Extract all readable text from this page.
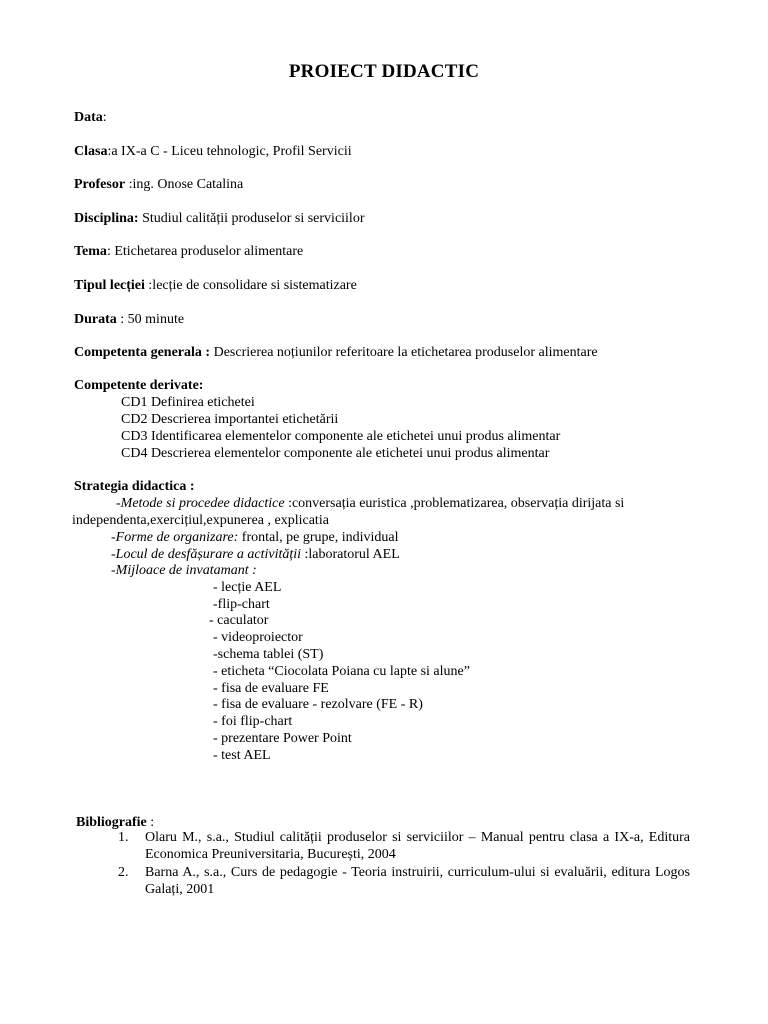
PROIECT DIDACTIC
Data:
Clasa:a IX-a C - Liceu tehnologic, Profil Servicii
Profesor :ing. Onose Catalina
Disciplina: Studiul calității produselor si serviciilor
Tema: Etichetarea produselor alimentare
Tipul lecției :lecție de consolidare si sistematizare
Durata : 50 minute
Competenta generala : Descrierea noțiunilor referitoare la etichetarea produselor alimentare
Competente derivate:
CD1 Definirea etichetei
CD2 Descrierea importantei etichetării
CD3 Identificarea elementelor componente ale etichetei unui produs alimentar
CD4 Descrierea elementelor componente ale etichetei unui produs alimentar
Strategia didactica :
-Metode si procedee didactice :conversația euristica ,problematizarea, observația dirijata si
independenta,exercițiul,expunerea , explicatia
-Forme de organizare: frontal, pe grupe, individual
-Locul de desfășurare a activității :laboratorul AEL
-Mijloace de invatamant :
- lecție AEL
-flip-chart
- caculator
- videoproiector
-schema tablei (ST)
- eticheta “Ciocolata Poiana cu lapte si alune”
- fisa de evaluare FE
- fisa de evaluare - rezolvare (FE - R)
- foi flip-chart
- prezentare Power Point
- test AEL
Bibliografie :
1.	Olaru M., s.a., Studiul calității produselor si serviciilor – Manual pentru clasa a IX-a, Editura Economica Preuniversitaria, București, 2004
2.	Barna A., s.a., Curs de pedagogie - Teoria instruirii, curriculum-ului si evaluării, editura Logos Galați, 2001
